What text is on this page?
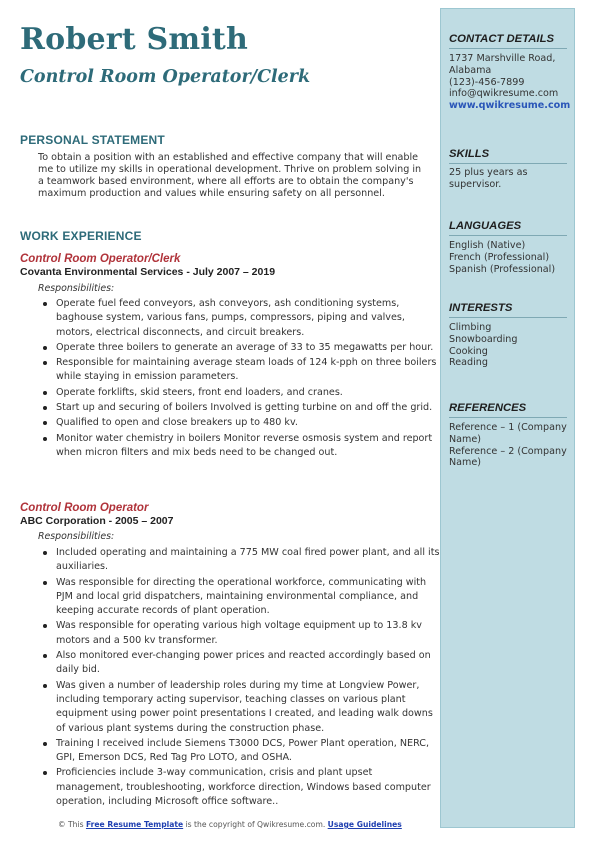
Robert Smith
Control Room Operator/Clerk
PERSONAL STATEMENT

To obtain a position with an established and effective company that will enable me to utilize my skills in operational development. Thrive on problem solving in a teamwork based environment, where all efforts are to obtain the company's maximum production and values while ensuring safety on all personnel.

WORK EXPERIENCE
Control Room Operator/Clerk
Covanta Environmental Services - July 2007 – 2019
Responsibilities:
Operate fuel feed conveyors, ash conveyors, ash conditioning systems, baghouse system, various fans, pumps, compressors, piping and valves, motors, electrical disconnects, and circuit breakers.
Operate three boilers to generate an average of 33 to 35 megawatts per hour.
Responsible for maintaining average steam loads of 124 k-pph on three boilers while staying in emission parameters.
Operate forklifts, skid steers, front end loaders, and cranes.
Start up and securing of boilers Involved is getting turbine on and off the grid.
Qualified to open and close breakers up to 480 kv.
Monitor water chemistry in boilers Monitor reverse osmosis system and report when micron filters and mix beds need to be changed out.
Control Room Operator
ABC Corporation - 2005 – 2007
Responsibilities:
Included operating and maintaining a 775 MW coal fired power plant, and all its auxiliaries.
Was responsible for directing the operational workforce, communicating with PJM and local grid dispatchers, maintaining environmental compliance, and keeping accurate records of plant operation.
Was responsible for operating various high voltage equipment up to 13.8 kv motors and a 500 kv transformer.
Also monitored ever-changing power prices and reacted accordingly based on daily bid.
Was given a number of leadership roles during my time at Longview Power, including temporary acting supervisor, teaching classes on various plant equipment using power point presentations I created, and leading walk downs of various plant systems during the construction phase.
Training I received include Siemens T3000 DCS, Power Plant operation, NERC, GPI, Emerson DCS, Red Tag Pro LOTO, and OSHA.
Proficiencies include 3-way communication, crisis and plant upset management, troubleshooting, workforce direction, Windows based computer operation, including Microsoft office software..
© This Free Resume Template is the copyright of Qwikresume.com. Usage Guidelines
CONTACT DETAILS
1737 Marshville Road,
Alabama
(123)-456-7899
info@qwikresume.com
www.qwikresume.com
SKILLS
25 plus years as supervisor.
LANGUAGES
English (Native)
French (Professional)
Spanish (Professional)
INTERESTS
Climbing
Snowboarding
Cooking
Reading
REFERENCES
Reference – 1 (Company Name)
Reference – 2 (Company Name)
